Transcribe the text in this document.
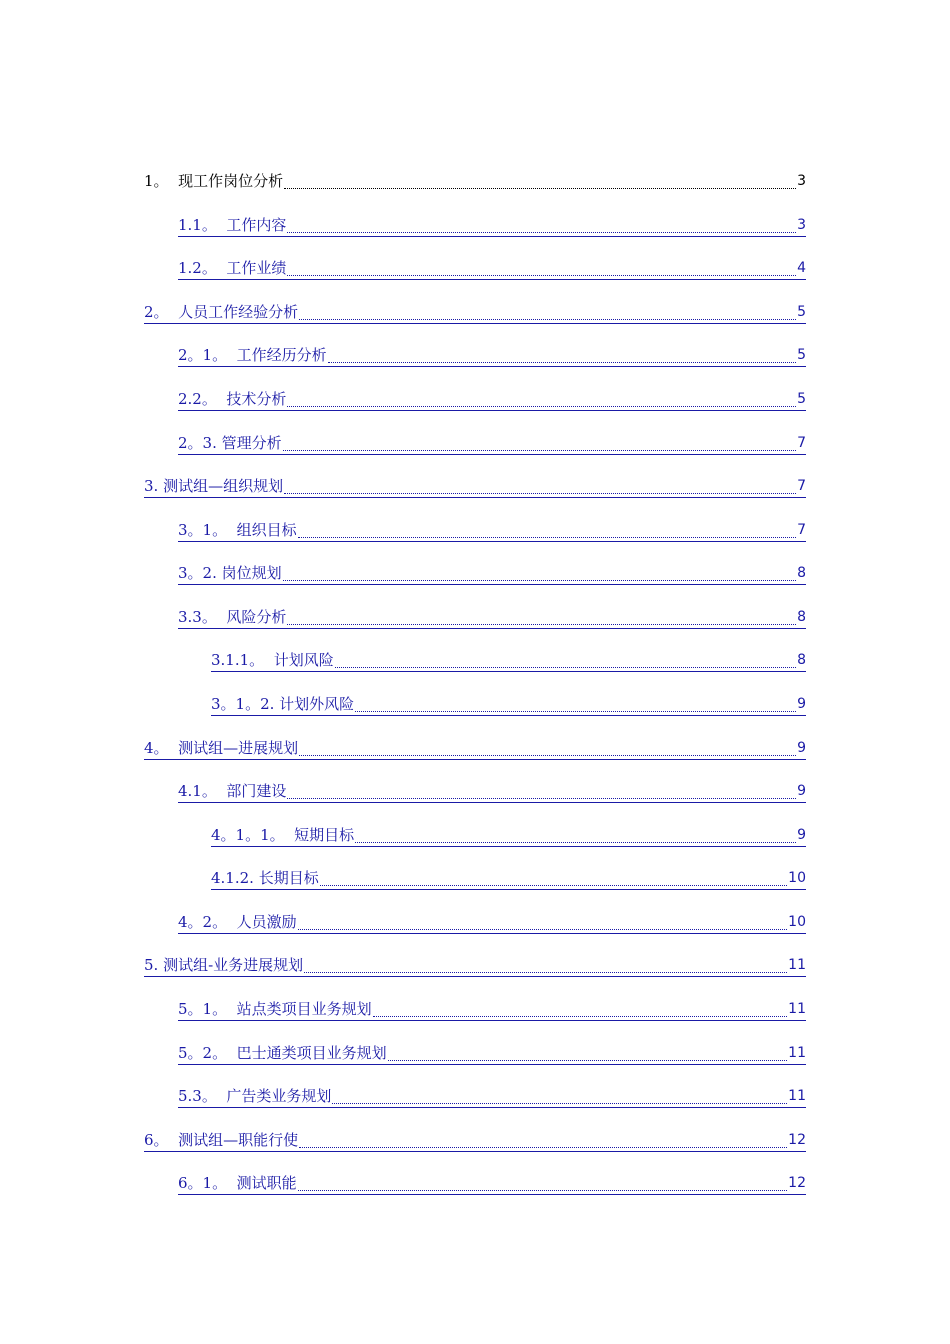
1。  现工作岗位分析	3
1.1。  工作内容	3
1.2。  工作业绩	4
2。  人员工作经验分析	5
2。1。  工作经历分析	5
2.2。  技术分析	5
2。3. 管理分析	7
3. 测试组—组织规划	7
3。1。  组织目标	7
3。2. 岗位规划	8
3.3。  风险分析	8
3.1.1。  计划风险	8
3。1。2. 计划外风险	9
4。  测试组—进展规划	9
4.1。  部门建设	9
4。1。1。  短期目标	9
4.1.2. 长期目标	10
4。2。  人员激励	10
5. 测试组-业务进展规划	11
5。1。  站点类项目业务规划	11
5。2。  巴士通类项目业务规划	11
5.3。  广告类业务规划	11
6。  测试组—职能行使	12
6。1。  测试职能	12
